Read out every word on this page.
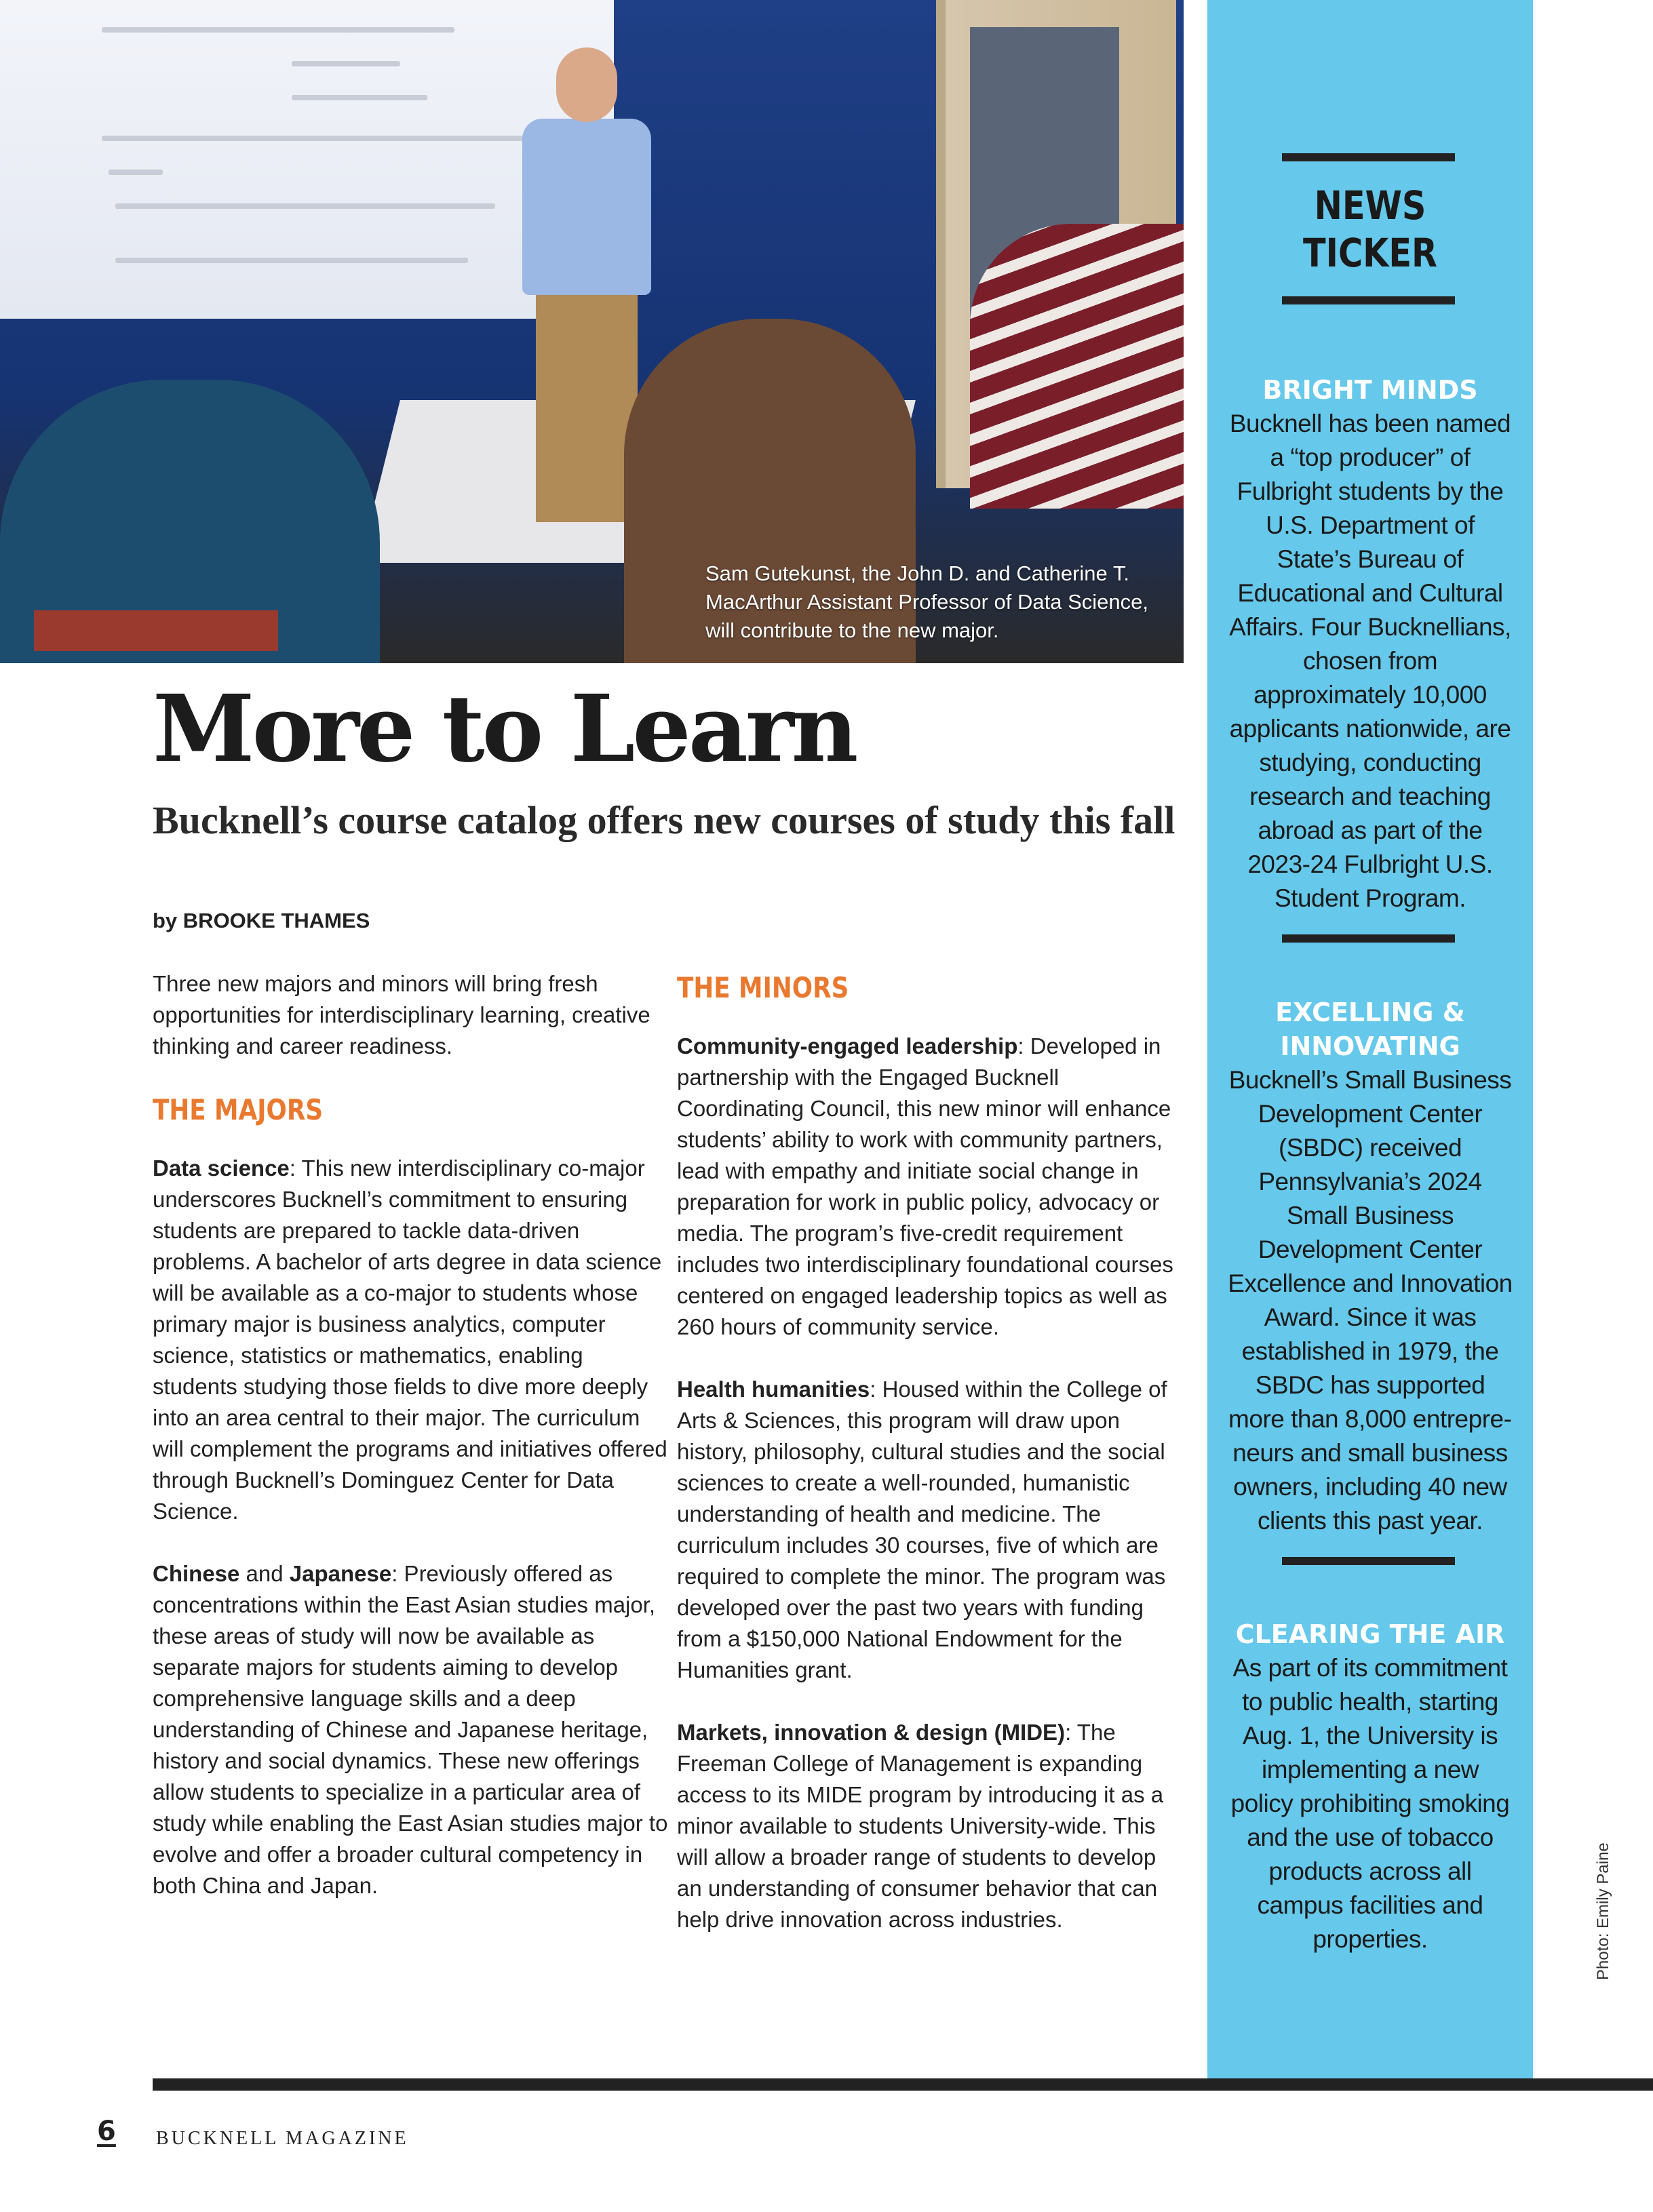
Sam Gutekunst, the John D. and Catherine T. MacArthur Assistant Professor of Data Science, will contribute to the new major.
More to Learn
Bucknell’s course catalog offers new courses of study this fall
by BROOKE THAMES

Three new majors and minors will bring fresh opportunities for interdisciplinary learning, creative thinking and career readiness.

THE MAJORS

Data science: This new interdisciplinary co-major underscores Bucknell’s commitment to ensuring students are prepared to tackle data-driven problems. A bachelor of arts degree in data science will be available as a co-major to students whose primary major is business analytics, computer science, statistics or mathematics, enabling students studying those fields to dive more deeply into an area central to their major. The curriculum will complement the programs and initiatives offered through Bucknell’s Dominguez Center for Data Science.

Chinese and Japanese: Previously offered as concentrations within the East Asian studies major, these areas of study will now be available as separate majors for students aiming to develop comprehensive language skills and a deep understanding of Chinese and Japanese heritage, history and social dynamics. These new offerings allow students to specialize in a particular area of study while enabling the East Asian studies major to evolve and offer a broader cultural competency in both China and Japan.

THE MINORS

Community-engaged leadership: Developed in partnership with the Engaged Bucknell Coordinating Council, this new minor will enhance students’ ability to work with community partners, lead with empathy and initiate social change in preparation for work in public policy, advocacy or media. The program’s five-credit requirement includes two interdisciplinary foundational courses centered on engaged leadership topics as well as 260 hours of community service.

Health humanities: Housed within the College of Arts & Sciences, this program will draw upon history, philosophy, cultural studies and the social sciences to create a well-rounded, humanistic understanding of health and medicine. The curriculum includes 30 courses, five of which are required to complete the minor. The program was developed over the past two years with funding from a $150,000 National Endowment for the Humanities grant.

Markets, innovation & design (MIDE): The Freeman College of Management is expanding access to its MIDE program by introducing it as a minor available to students University-wide. This will allow a broader range of students to develop an understanding of consumer behavior that can help drive innovation across industries.

NEWS
TICKER
BRIGHT MINDS
Bucknell has been named a “top producer” of Fulbright students by the U.S. Department of State’s Bureau of Educational and Cultural Affairs. Four Bucknellians, chosen from approximately 10,000 applicants nationwide, are studying, conducting research and teaching abroad as part of the 2023-24 Fulbright U.S. Student Program.
EXCELLING & INNOVATING
Bucknell’s Small Business Development Center (SBDC) received Pennsylvania’s 2024 Small Business Development Center Excellence and Innovation Award. Since it was established in 1979, the SBDC has supported more than 8,000 entrepreneurs and small business owners, including 40 new clients this past year.
CLEARING THE AIR
As part of its commitment to public health, starting Aug. 1, the University is implementing a new policy prohibiting smoking and the use of tobacco products across all campus facilities and properties.	Photo: Emily Paine
6 BUCKNELL MAGAZINE
